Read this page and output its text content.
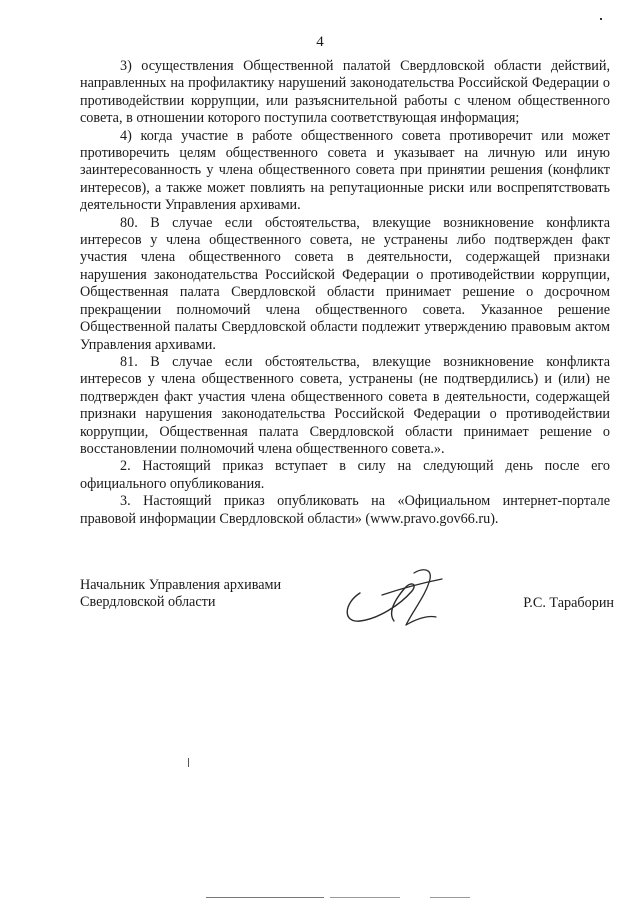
4

3) осуществления Общественной палатой Свердловской области действий, направленных на профилактику нарушений законодательства Российской Федерации о противодействии коррупции, или разъяснительной работы с членом общественного совета, в отношении которого поступила соответствующая информация;

4) когда участие в работе общественного совета противоречит или может противоречить целям общественного совета и указывает на личную или иную заинтересованность у члена общественного совета при принятии решения (конфликт интересов), а также может повлиять на репутационные риски или воспрепятствовать деятельности Управления архивами.

80. В случае если обстоятельства, влекущие возникновение конфликта интересов у члена общественного совета, не устранены либо подтвержден факт участия члена общественного совета в деятельности, содержащей признаки нарушения законодательства Российской Федерации о противодействии коррупции, Общественная палата Свердловской области принимает решение о досрочном прекращении полномочий члена общественного совета. Указанное решение Общественной палаты Свердловской области подлежит утверждению правовым актом Управления архивами.

81. В случае если обстоятельства, влекущие возникновение конфликта интересов у члена общественного совета, устранены (не подтвердились) и (или) не подтвержден факт участия члена общественного совета в деятельности, содержащей признаки нарушения законодательства Российской Федерации о противодействии коррупции, Общественная палата Свердловской области принимает решение о восстановлении полномочий члена общественного совета.».

2. Настоящий приказ вступает в силу на следующий день после его официального опубликования.

3. Настоящий приказ опубликовать на «Официальном интернет-портале правовой информации Свердловской области» (www.pravo.gov66.ru).

Начальник Управления архивами
Свердловской области	Р.С. Тараборин
